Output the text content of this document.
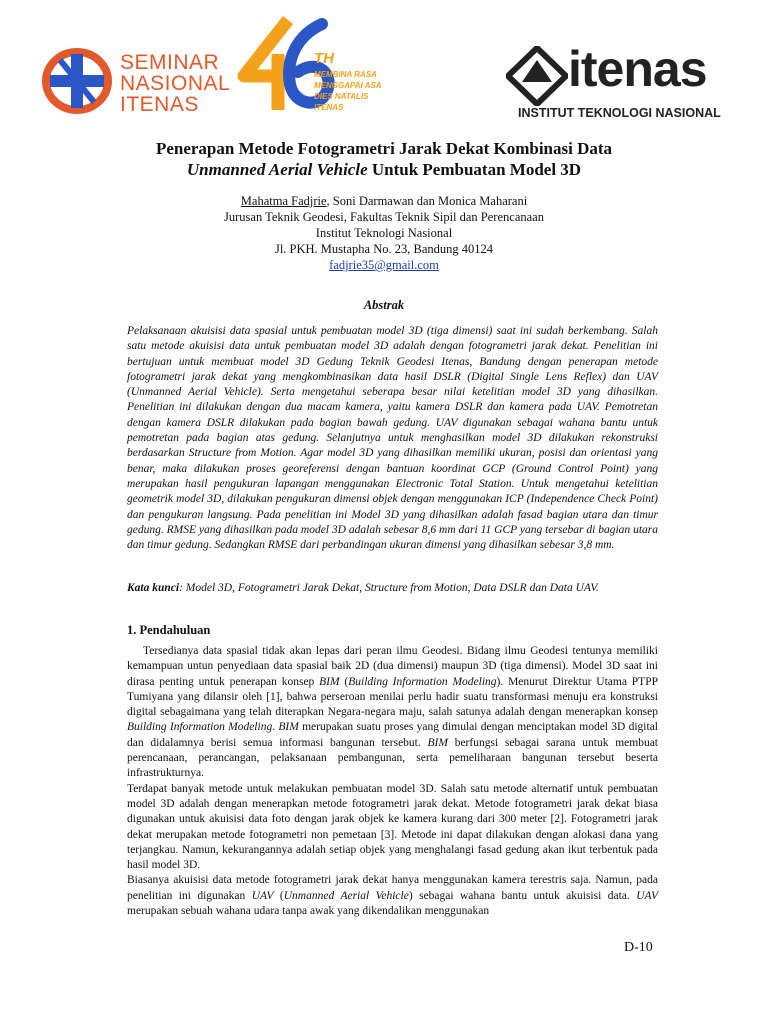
SEMINAR
NASIONAL
ITENAS
TH
MEMBINA RASA
MENGGAPAI ASA
DIES NATALIS
ITENAS
itenas
INSTITUT TEKNOLOGI NASIONAL
Penerapan Metode Fotogrametri Jarak Dekat Kombinasi Data
Unmanned Aerial Vehicle Untuk Pembuatan Model 3D
Mahatma Fadjrie, Soni Darmawan dan Monica Maharani
Jurusan Teknik Geodesi, Fakultas Teknik Sipil dan Perencanaan
Institut Teknologi Nasional
Jl. PKH. Mustapha No. 23, Bandung 40124
fadjrie35@gmail.com
Abstrak
Pelaksanaan akuisisi data spasial untuk pembuatan model 3D (tiga dimensi) saat ini sudah berkembang. Salah satu metode akuisisi data untuk pembuatan model 3D adalah dengan fotogrametri jarak dekat. Penelitian ini bertujuan untuk membuat model 3D Gedung Teknik Geodesi Itenas, Bandung dengan penerapan metode fotogrametri jarak dekat yang mengkombinasikan data hasil DSLR (Digital Single Lens Reflex) dan UAV (Unmanned Aerial Vehicle). Serta mengetahui seberapa besar nilai ketelitian model 3D yang dihasilkan. Penelitian ini dilakukan dengan dua macam kamera, yaitu kamera DSLR dan kamera pada UAV. Pemotretan dengan kamera DSLR dilakukan pada bagian bawah gedung. UAV digunakan sebagai wahana bantu untuk pemotretan pada bagian atas gedung. Selanjutnya untuk menghasilkan model 3D dilakukan rekonstruksi berdasarkan Structure from Motion. Agar model 3D yang dihasilkan memiliki ukuran, posisi dan orientasi yang benar, maka dilakukan proses georeferensi dengan bantuan koordinat GCP (Ground Control Point) yang merupakan hasil pengukuran lapangan menggunakan Electronic Total Station. Untuk mengetahui ketelitian geometrik model 3D, dilakukan pengukuran dimensi objek dengan menggunakan ICP (Independence Check Point) dan pengukuran langsung. Pada penelitian ini Model 3D yang dihasilkan adalah fasad bagian utara dan timur gedung. RMSE yang dihasilkan pada model 3D adalah sebesar 8,6 mm dari 11 GCP yang tersebar di bagian utara dan timur gedung. Sedangkan RMSE dari perbandingan ukuran dimensi yang dihasilkan sebesar 3,8 mm.
Kata kunci: Model 3D, Fotogrametri Jarak Dekat, Structure from Motion, Data DSLR dan Data UAV.
1. Pendahuluan

Tersedianya data spasial tidak akan lepas dari peran ilmu Geodesi. Bidang ilmu Geodesi tentunya memiliki kemampuan untun penyediaan data spasial baik 2D (dua dimensi) maupun 3D (tiga dimensi). Model 3D saat ini dirasa penting untuk penerapan konsep BIM (Building Information Modeling). Menurut Direktur Utama PTPP Tumiyana yang dilansir oleh [1], bahwa perseroan menilai perlu hadir suatu transformasi menuju era konstruksi digital sebagaimana yang telah diterapkan Negara-negara maju, salah satunya adalah dengan menerapkan konsep Building Information Modeling. BIM merupakan suatu proses yang dimulai dengan menciptakan model 3D digital dan didalamnya berisi semua informasi bangunan tersebut. BIM berfungsi sebagai sarana untuk membuat perencanaan, perancangan, pelaksanaan pembangunan, serta pemeliharaan bangunan tersebut beserta infrastrukturnya.

Terdapat banyak metode untuk melakukan pembuatan model 3D. Salah satu metode alternatif untuk pembuatan model 3D adalah dengan menerapkan metode fotogrametri jarak dekat. Metode fotogrametri jarak dekat biasa digunakan untuk akuisisi data foto dengan jarak objek ke kamera kurang dari 300 meter [2]. Fotogrametri jarak dekat merupakan metode fotogrametri non pemetaan [3]. Metode ini dapat dilakukan dengan alokasi dana yang terjangkau. Namun, kekurangannya adalah setiap objek yang menghalangi fasad gedung akan ikut terbentuk pada hasil model 3D.

Biasanya akuisisi data metode fotogrametri jarak dekat hanya menggunakan kamera terestris saja. Namun, pada penelitian ini digunakan UAV (Unmanned Aerial Vehicle) sebagai wahana bantu untuk akuisisi data. UAV merupakan sebuah wahana udara tanpa awak yang dikendalikan menggunakan

D-10
